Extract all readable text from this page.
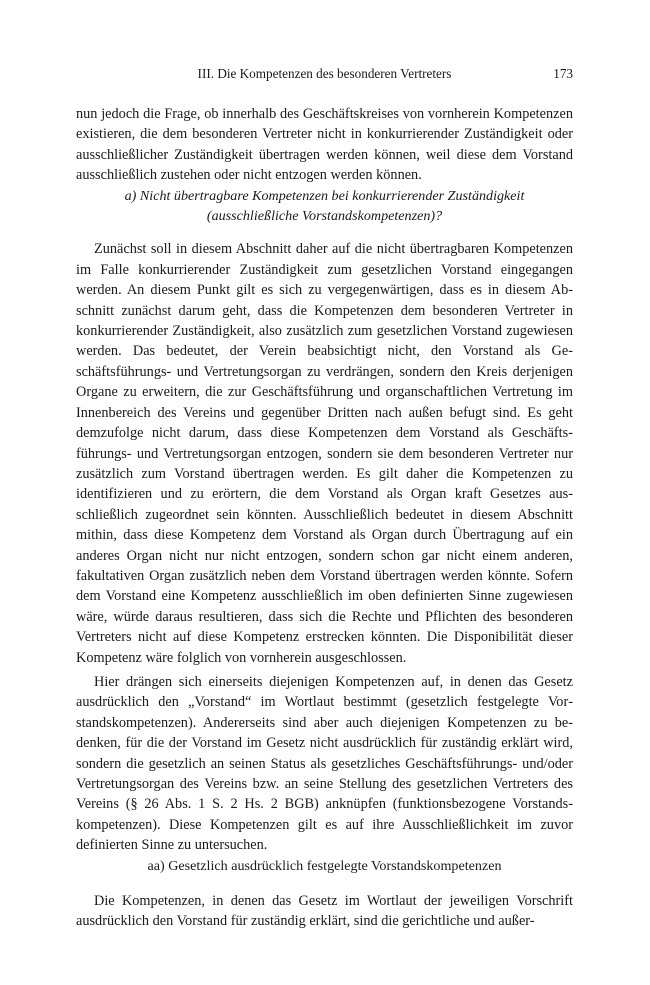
III. Die Kompetenzen des besonderen Vertreters	173

nun jedoch die Frage, ob innerhalb des Geschäftskreises von vornherein Kompetenzen existieren, die dem besonderen Vertreter nicht in konkurrierender Zuständigkeit oder ausschließlicher Zuständigkeit übertragen werden können, weil diese dem Vorstand ausschließlich zustehen oder nicht entzogen werden können.

a) Nicht übertragbare Kompetenzen bei konkurrierender Zuständigkeit (ausschließliche Vorstandskompetenzen)?

Zunächst soll in diesem Abschnitt daher auf die nicht übertragbaren Kompetenzen im Falle konkurrierender Zuständigkeit zum gesetzlichen Vorstand eingegangen werden. An diesem Punkt gilt es sich zu vergegenwärtigen, dass es in diesem Abschnitt zunächst darum geht, dass die Kompetenzen dem besonderen Vertreter in konkurrierender Zuständigkeit, also zusätzlich zum gesetzlichen Vorstand zugewiesen werden. Das bedeutet, der Verein beabsichtigt nicht, den Vorstand als Geschäftsführungs- und Vertretungsorgan zu verdrängen, sondern den Kreis derjenigen Organe zu erweitern, die zur Geschäftsführung und organschaftlichen Vertretung im Innenbereich des Vereins und gegenüber Dritten nach außen befugt sind. Es geht demzufolge nicht darum, dass diese Kompetenzen dem Vorstand als Geschäftsführungs- und Vertretungsorgan entzogen, sondern sie dem besonderen Vertreter nur zusätzlich zum Vorstand übertragen werden. Es gilt daher die Kompetenzen zu identifizieren und zu erörtern, die dem Vorstand als Organ kraft Gesetzes ausschließlich zugeordnet sein könnten. Ausschließlich bedeutet in diesem Abschnitt mithin, dass diese Kompetenz dem Vorstand als Organ durch Übertragung auf ein anderes Organ nicht nur nicht entzogen, sondern schon gar nicht einem anderen, fakultativen Organ zusätzlich neben dem Vorstand übertragen werden könnte. Sofern dem Vorstand eine Kompetenz ausschließlich im oben definierten Sinne zugewiesen wäre, würde daraus resultieren, dass sich die Rechte und Pflichten des besonderen Vertreters nicht auf diese Kompetenz erstrecken könnten. Die Disponibilität dieser Kompetenz wäre folglich von vornherein ausgeschlossen.

Hier drängen sich einerseits diejenigen Kompetenzen auf, in denen das Gesetz ausdrücklich den „Vorstand“ im Wortlaut bestimmt (gesetzlich festgelegte Vorstandskompetenzen). Andererseits sind aber auch diejenigen Kompetenzen zu bedenken, für die der Vorstand im Gesetz nicht ausdrücklich für zuständig erklärt wird, sondern die gesetzlich an seinen Status als gesetzliches Geschäftsführungs- und/oder Vertretungsorgan des Vereins bzw. an seine Stellung des gesetzlichen Vertreters des Vereins (§ 26 Abs. 1 S. 2 Hs. 2 BGB) anknüpfen (funktionsbezogene Vorstandskompetenzen). Diese Kompetenzen gilt es auf ihre Ausschließlichkeit im zuvor definierten Sinne zu untersuchen.

aa) Gesetzlich ausdrücklich festgelegte Vorstandskompetenzen

Die Kompetenzen, in denen das Gesetz im Wortlaut der jeweiligen Vorschrift ausdrücklich den Vorstand für zuständig erklärt, sind die gerichtliche und außer-
